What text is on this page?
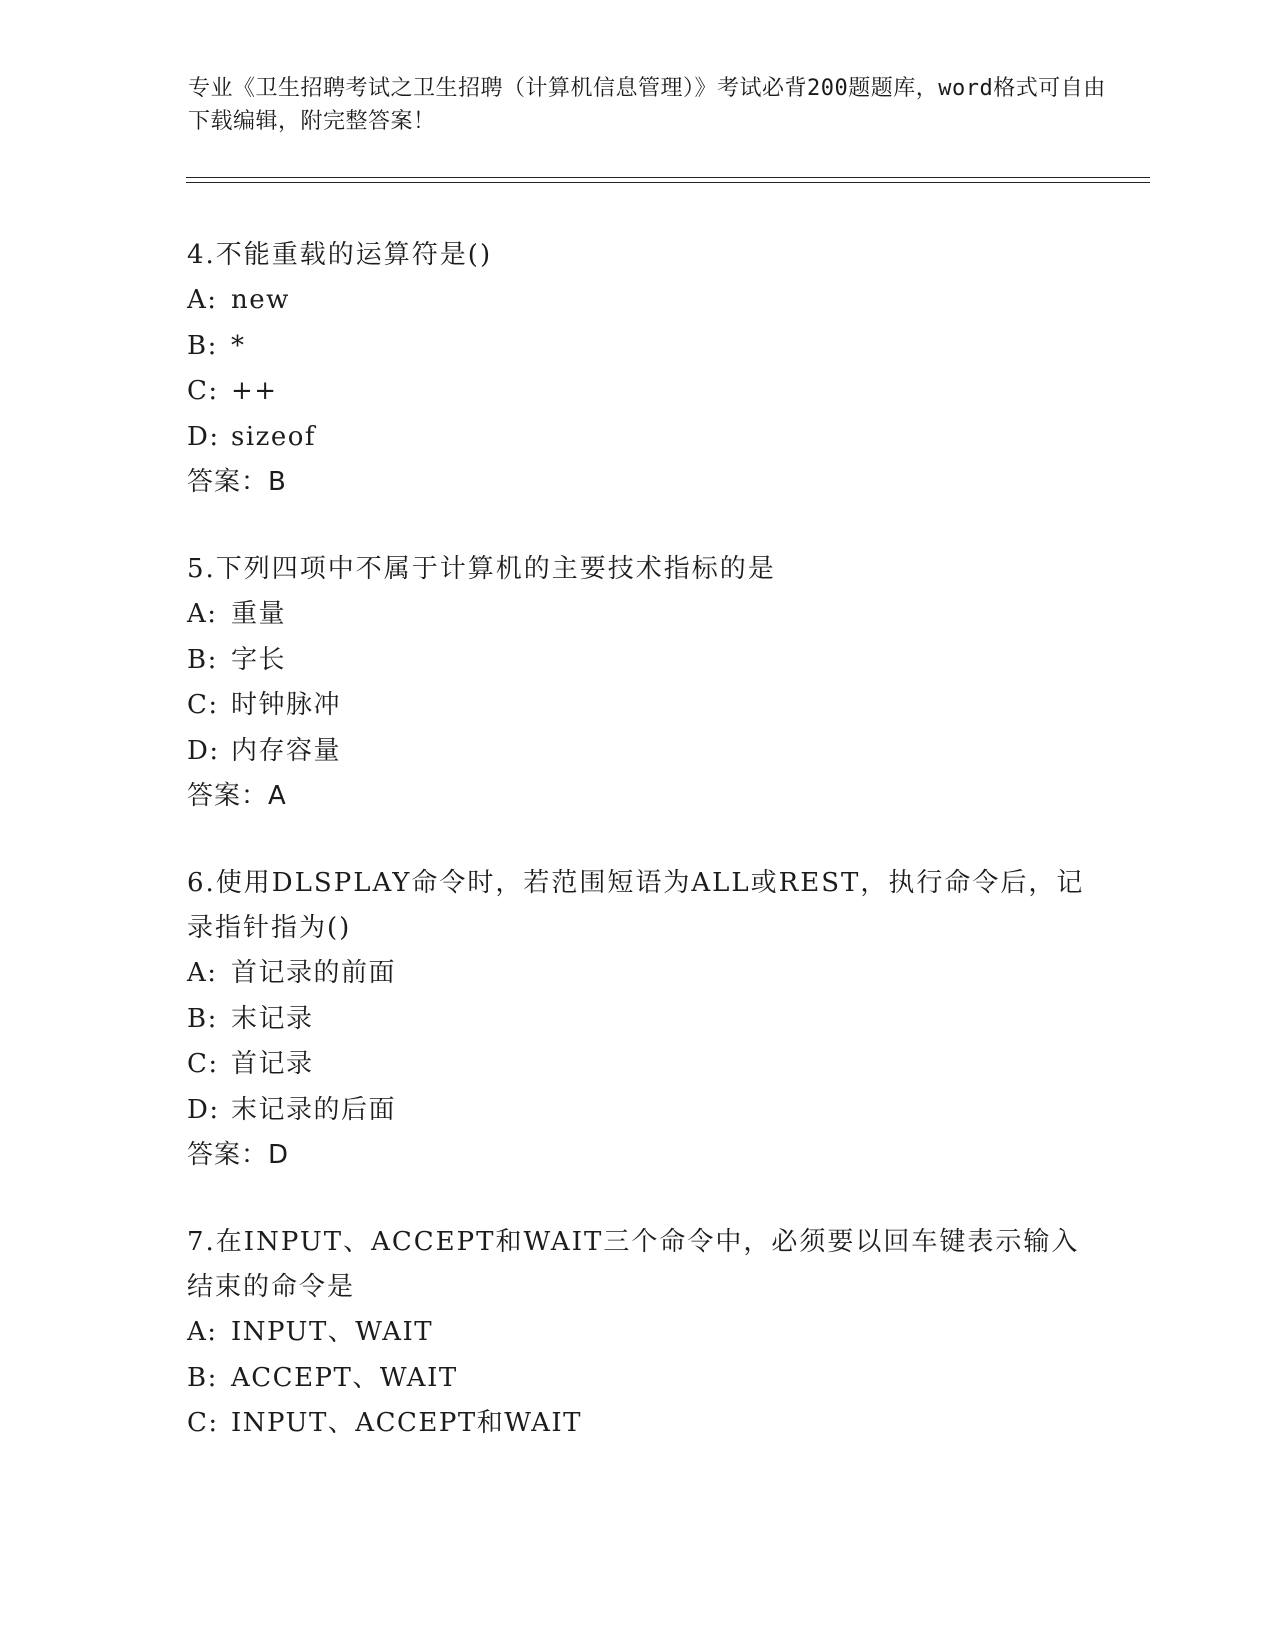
专业《卫生招聘考试之卫生招聘（计算机信息管理）》考试必背200题题库，word格式可自由下载编辑，附完整答案！
4.不能重载的运算符是()
A: new
B: *
C: ++
D: sizeof
答案：B
5.下列四项中不属于计算机的主要技术指标的是
A: 重量
B: 字长
C: 时钟脉冲
D: 内存容量
答案：A
6.使用DLSPLAY命令时，若范围短语为ALL或REST，执行命令后，记录指针指为()
A: 首记录的前面
B: 末记录
C: 首记录
D: 末记录的后面
答案：D
7.在INPUT、ACCEPT和WAIT三个命令中，必须要以回车键表示输入结束的命令是
A: INPUT、WAIT
B: ACCEPT、WAIT
C: INPUT、ACCEPT和WAIT
